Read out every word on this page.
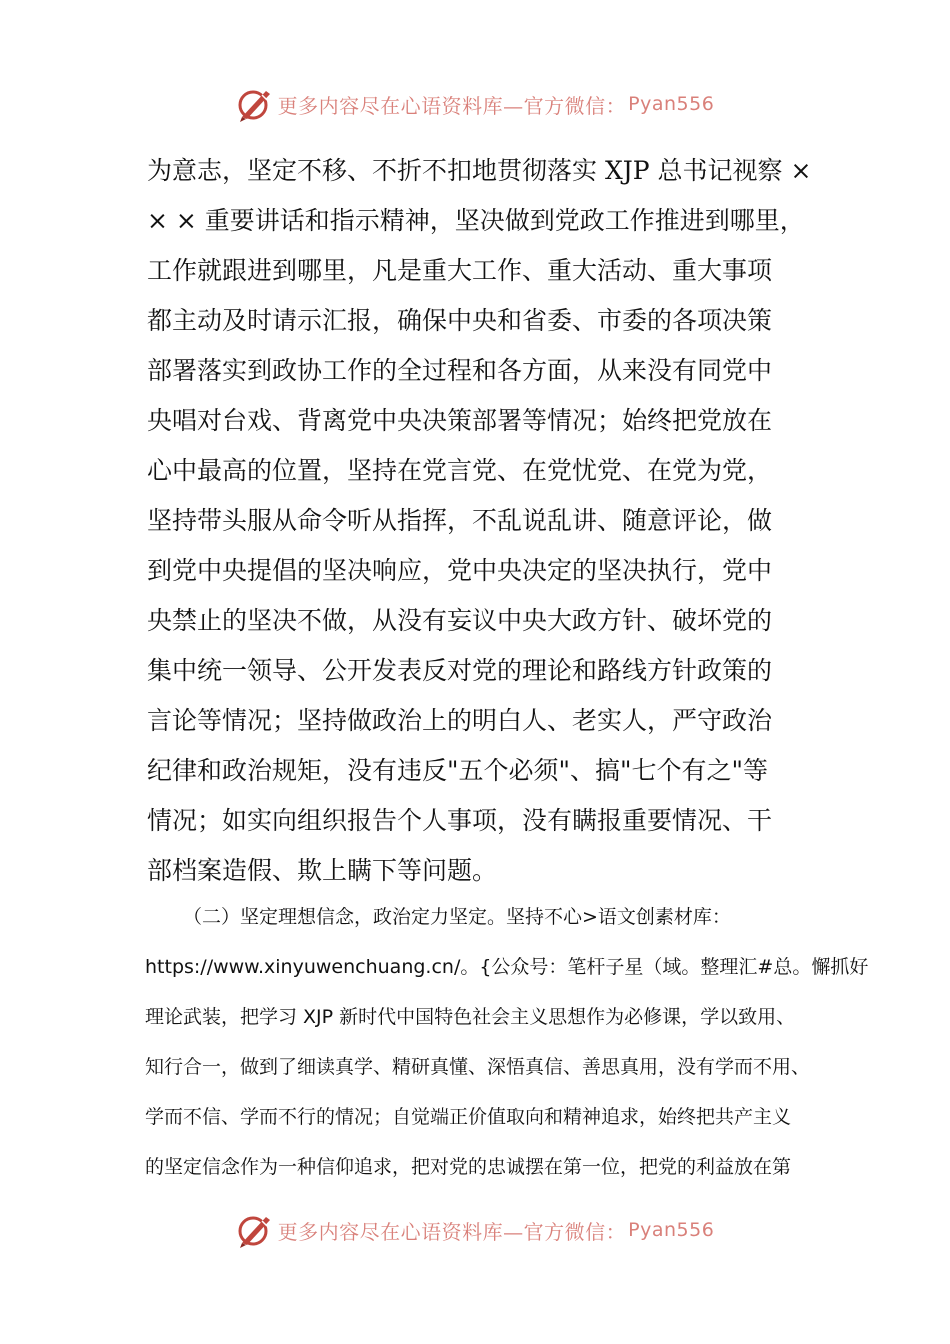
更多内容尽在心语资料库—官方微信： Pyan556
为意志，坚定不移、不折不扣地贯彻落实 XJP 总书记视察 ×
× × 重要讲话和指示精神，坚决做到党政工作推进到哪里，
工作就跟进到哪里，凡是重大工作、重大活动、重大事项
都主动及时请示汇报，确保中央和省委、市委的各项决策
部署落实到政协工作的全过程和各方面，从来没有同党中
央唱对台戏、背离党中央决策部署等情况；始终把党放在
心中最高的位置，坚持在党言党、在党忧党、在党为党，
坚持带头服从命令听从指挥，不乱说乱讲、随意评论，做
到党中央提倡的坚决响应，党中央决定的坚决执行，党中
央禁止的坚决不做，从没有妄议中央大政方针、破坏党的
集中统一领导、公开发表反对党的理论和路线方针政策的
言论等情况；坚持做政治上的明白人、老实人，严守政治
纪律和政治规矩，没有违反"五个必须"、搞"七个有之"等
情况；如实向组织报告个人事项，没有瞒报重要情况、干
部档案造假、欺上瞒下等问题。
（二）坚定理想信念，政治定力坚定。坚持不心>语文创素材库：
https://www.xinyuwenchuang.cn/。{公众号：笔杆子星（域。整理汇#总。懈抓好
理论武装，把学习 XJP 新时代中国特色社会主义思想作为必修课，学以致用、
知行合一，做到了细读真学、精研真懂、深悟真信、善思真用，没有学而不用、
学而不信、学而不行的情况；自觉端正价值取向和精神追求，始终把共产主义
的坚定信念作为一种信仰追求，把对党的忠诚摆在第一位，把党的利益放在第
更多内容尽在心语资料库—官方微信： Pyan556
